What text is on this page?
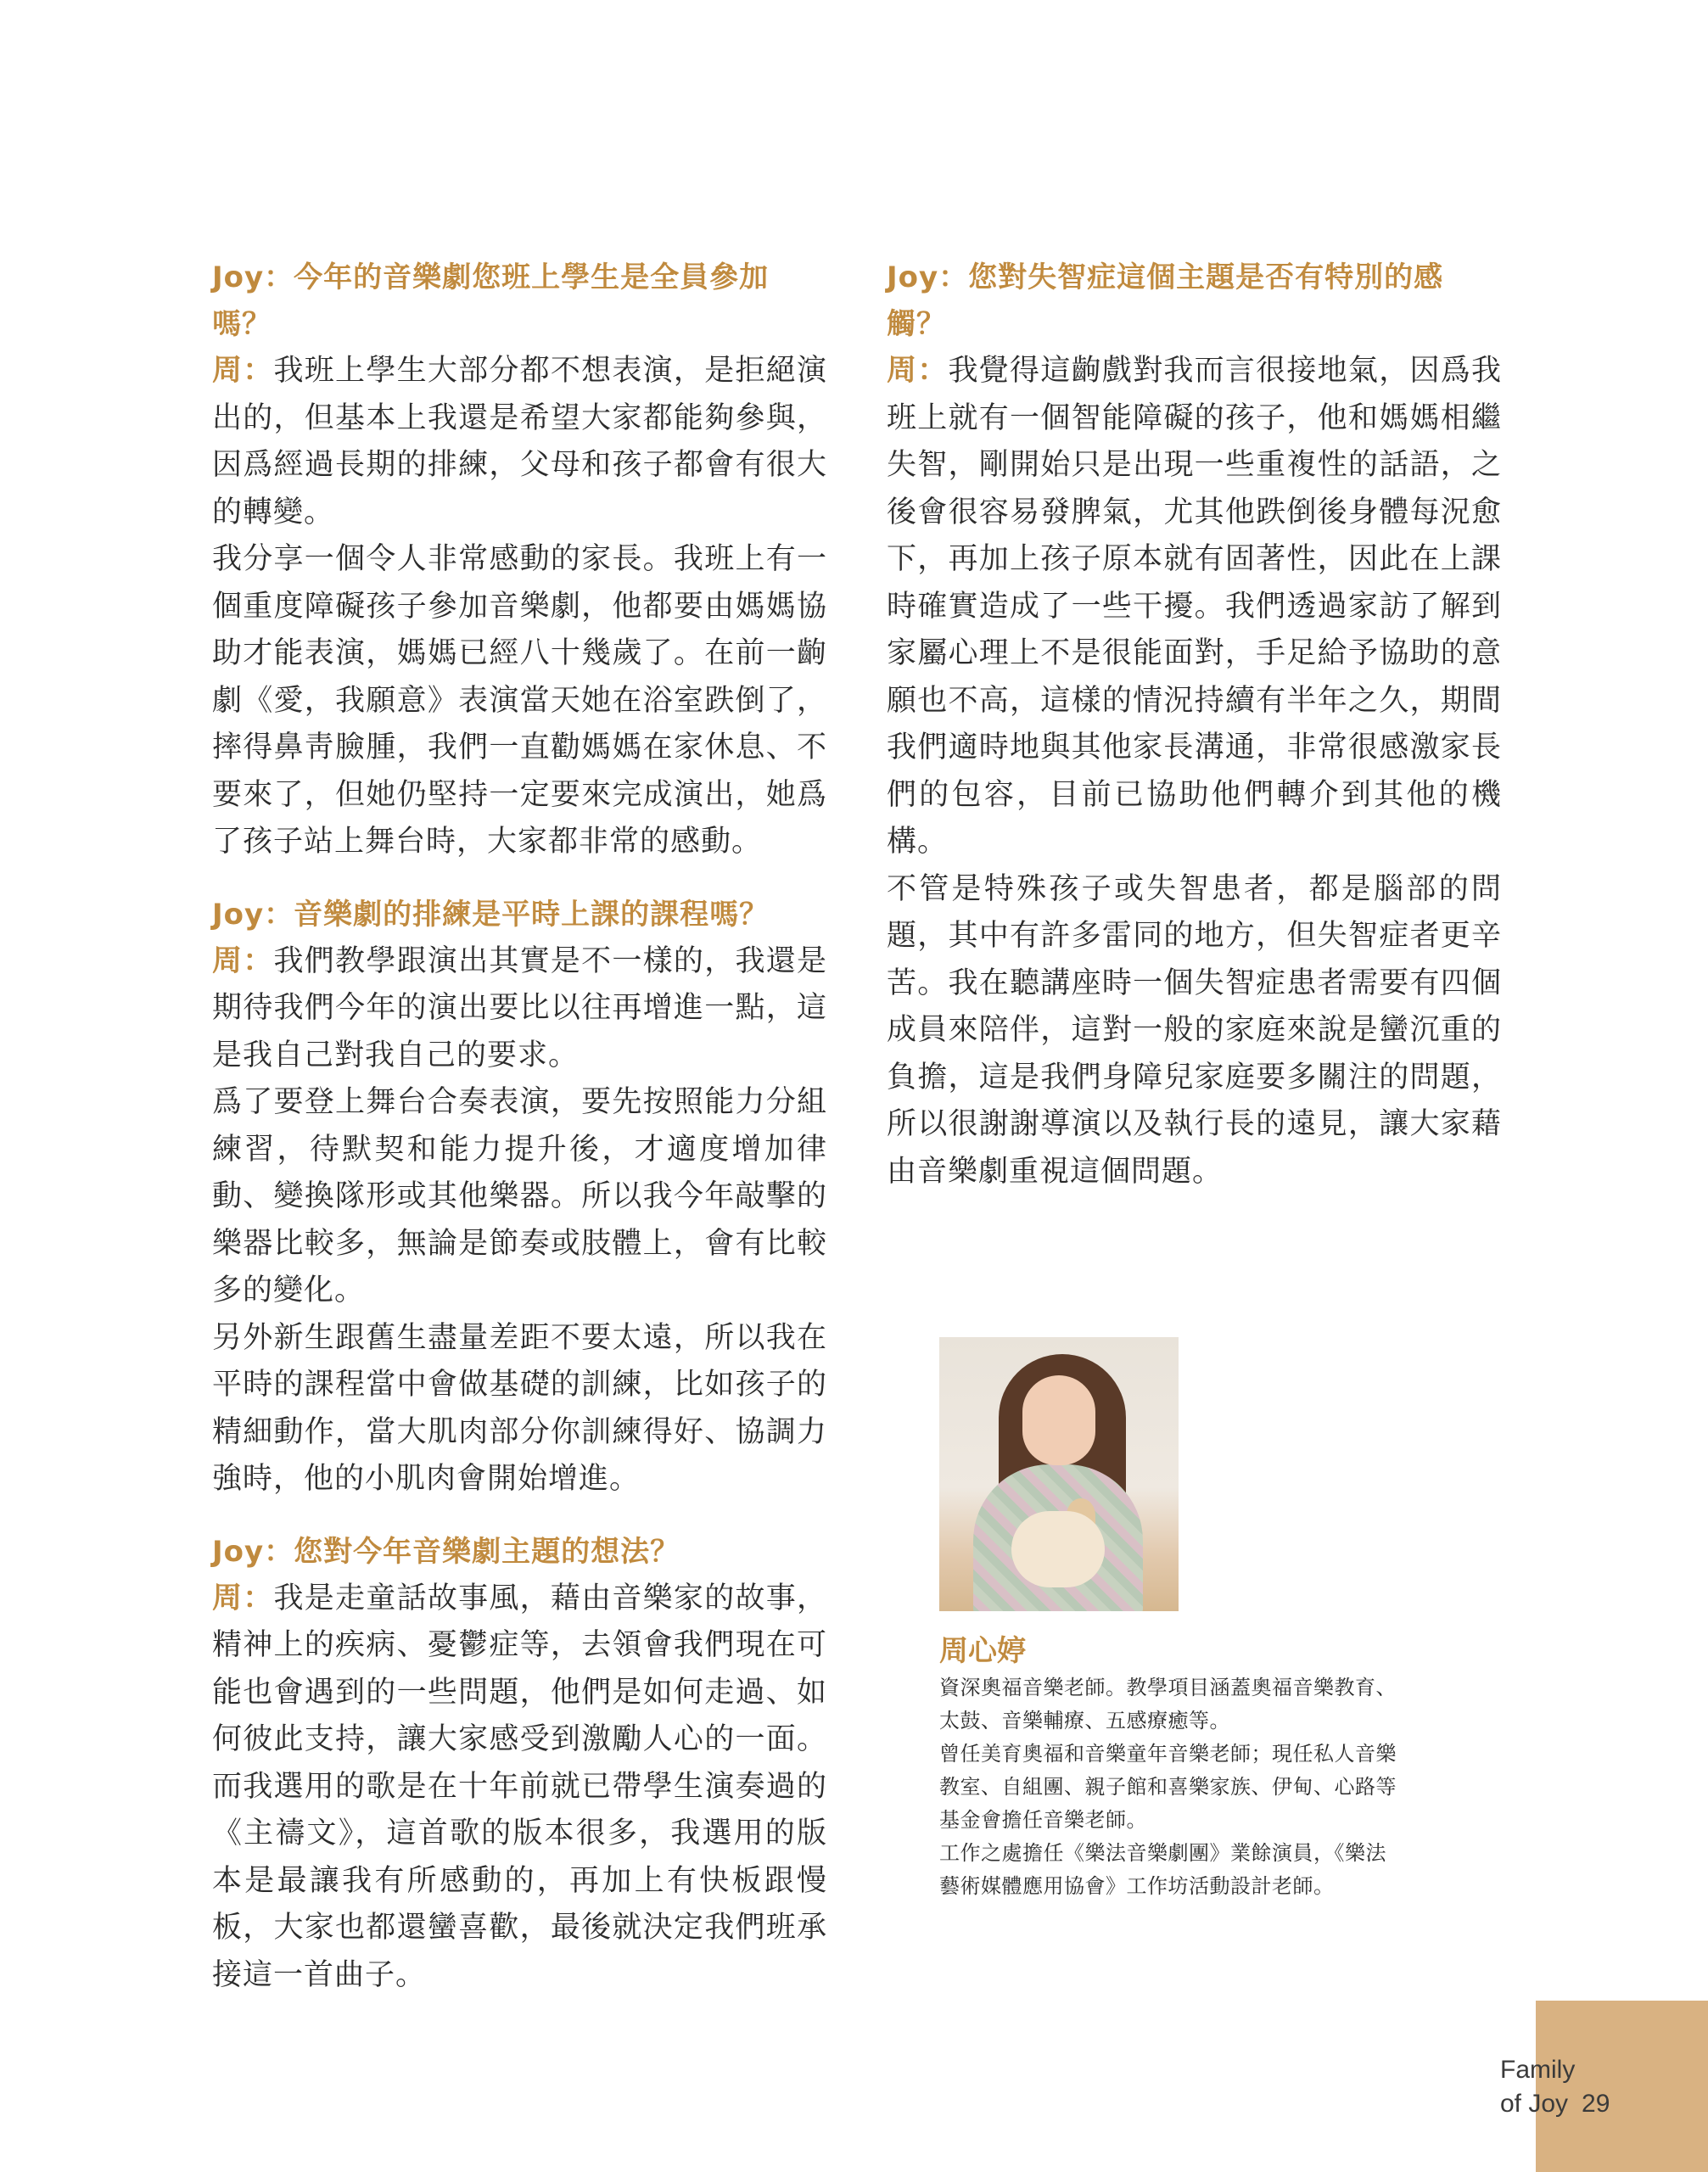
Joy：今年的音樂劇您班上學生是全員參加嗎？

周：我班上學生大部分都不想表演，是拒絕演出的，但基本上我還是希望大家都能夠參與，因爲經過長期的排練，父母和孩子都會有很大的轉變。

我分享一個令人非常感動的家長。我班上有一個重度障礙孩子參加音樂劇，他都要由媽媽協助才能表演，媽媽已經八十幾歲了。在前一齣劇《愛，我願意》表演當天她在浴室跌倒了，摔得鼻靑臉腫，我們一直勸媽媽在家休息、不要來了，但她仍堅持一定要來完成演出，她爲了孩子站上舞台時，大家都非常的感動。

Joy：音樂劇的排練是平時上課的課程嗎？

周：我們教學跟演出其實是不一樣的，我還是期待我們今年的演出要比以往再增進一點，這是我自己對我自己的要求。

爲了要登上舞台合奏表演，要先按照能力分組練習，待默契和能力提升後，才適度增加律動、變換隊形或其他樂器。所以我今年敲擊的樂器比較多，無論是節奏或肢體上，會有比較多的變化。

另外新生跟舊生盡量差距不要太遠，所以我在平時的課程當中會做基礎的訓練，比如孩子的精細動作，當大肌肉部分你訓練得好、協調力強時，他的小肌肉會開始增進。

Joy：您對今年音樂劇主題的想法？

周：我是走童話故事風，藉由音樂家的故事，精神上的疾病、憂鬱症等，去領會我們現在可能也會遇到的一些問題，他們是如何走過、如何彼此支持，讓大家感受到激勵人心的一面。而我選用的歌是在十年前就已帶學生演奏過的《主禱文》，這首歌的版本很多，我選用的版本是最讓我有所感動的，再加上有快板跟慢板，大家也都還蠻喜歡，最後就決定我們班承接這一首曲子。

Joy：您對失智症這個主題是否有特別的感觸？

周：我覺得這齣戲對我而言很接地氣，因爲我班上就有一個智能障礙的孩子，他和媽媽相繼失智，剛開始只是出現一些重複性的話語，之後會很容易發脾氣，尤其他跌倒後身體每況愈下，再加上孩子原本就有固著性，因此在上課時確實造成了一些干擾。我們透過家訪了解到家屬心理上不是很能面對，手足給予協助的意願也不高，這樣的情況持續有半年之久，期間我們適時地與其他家長溝通，非常很感激家長們的包容，目前已協助他們轉介到其他的機構。

不管是特殊孩子或失智患者，都是腦部的問題，其中有許多雷同的地方，但失智症者更辛苦。我在聽講座時一個失智症患者需要有四個成員來陪伴，這對一般的家庭來說是蠻沉重的負擔，這是我們身障兒家庭要多關注的問題，所以很謝謝導演以及執行長的遠見，讓大家藉由音樂劇重視這個問題。

周心婷

資深奧福音樂老師。教學項目涵蓋奧福音樂教育、

太鼓、音樂輔療、五感療癒等。

曾任美育奧福和音樂童年音樂老師；現任私人音樂

教室、自組團、親子館和喜樂家族、伊甸、心路等

基金會擔任音樂老師。

工作之處擔任《樂法音樂劇團》業餘演員，《樂法

藝術媒體應用協會》工作坊活動設計老師。

Family
of Joy 29
